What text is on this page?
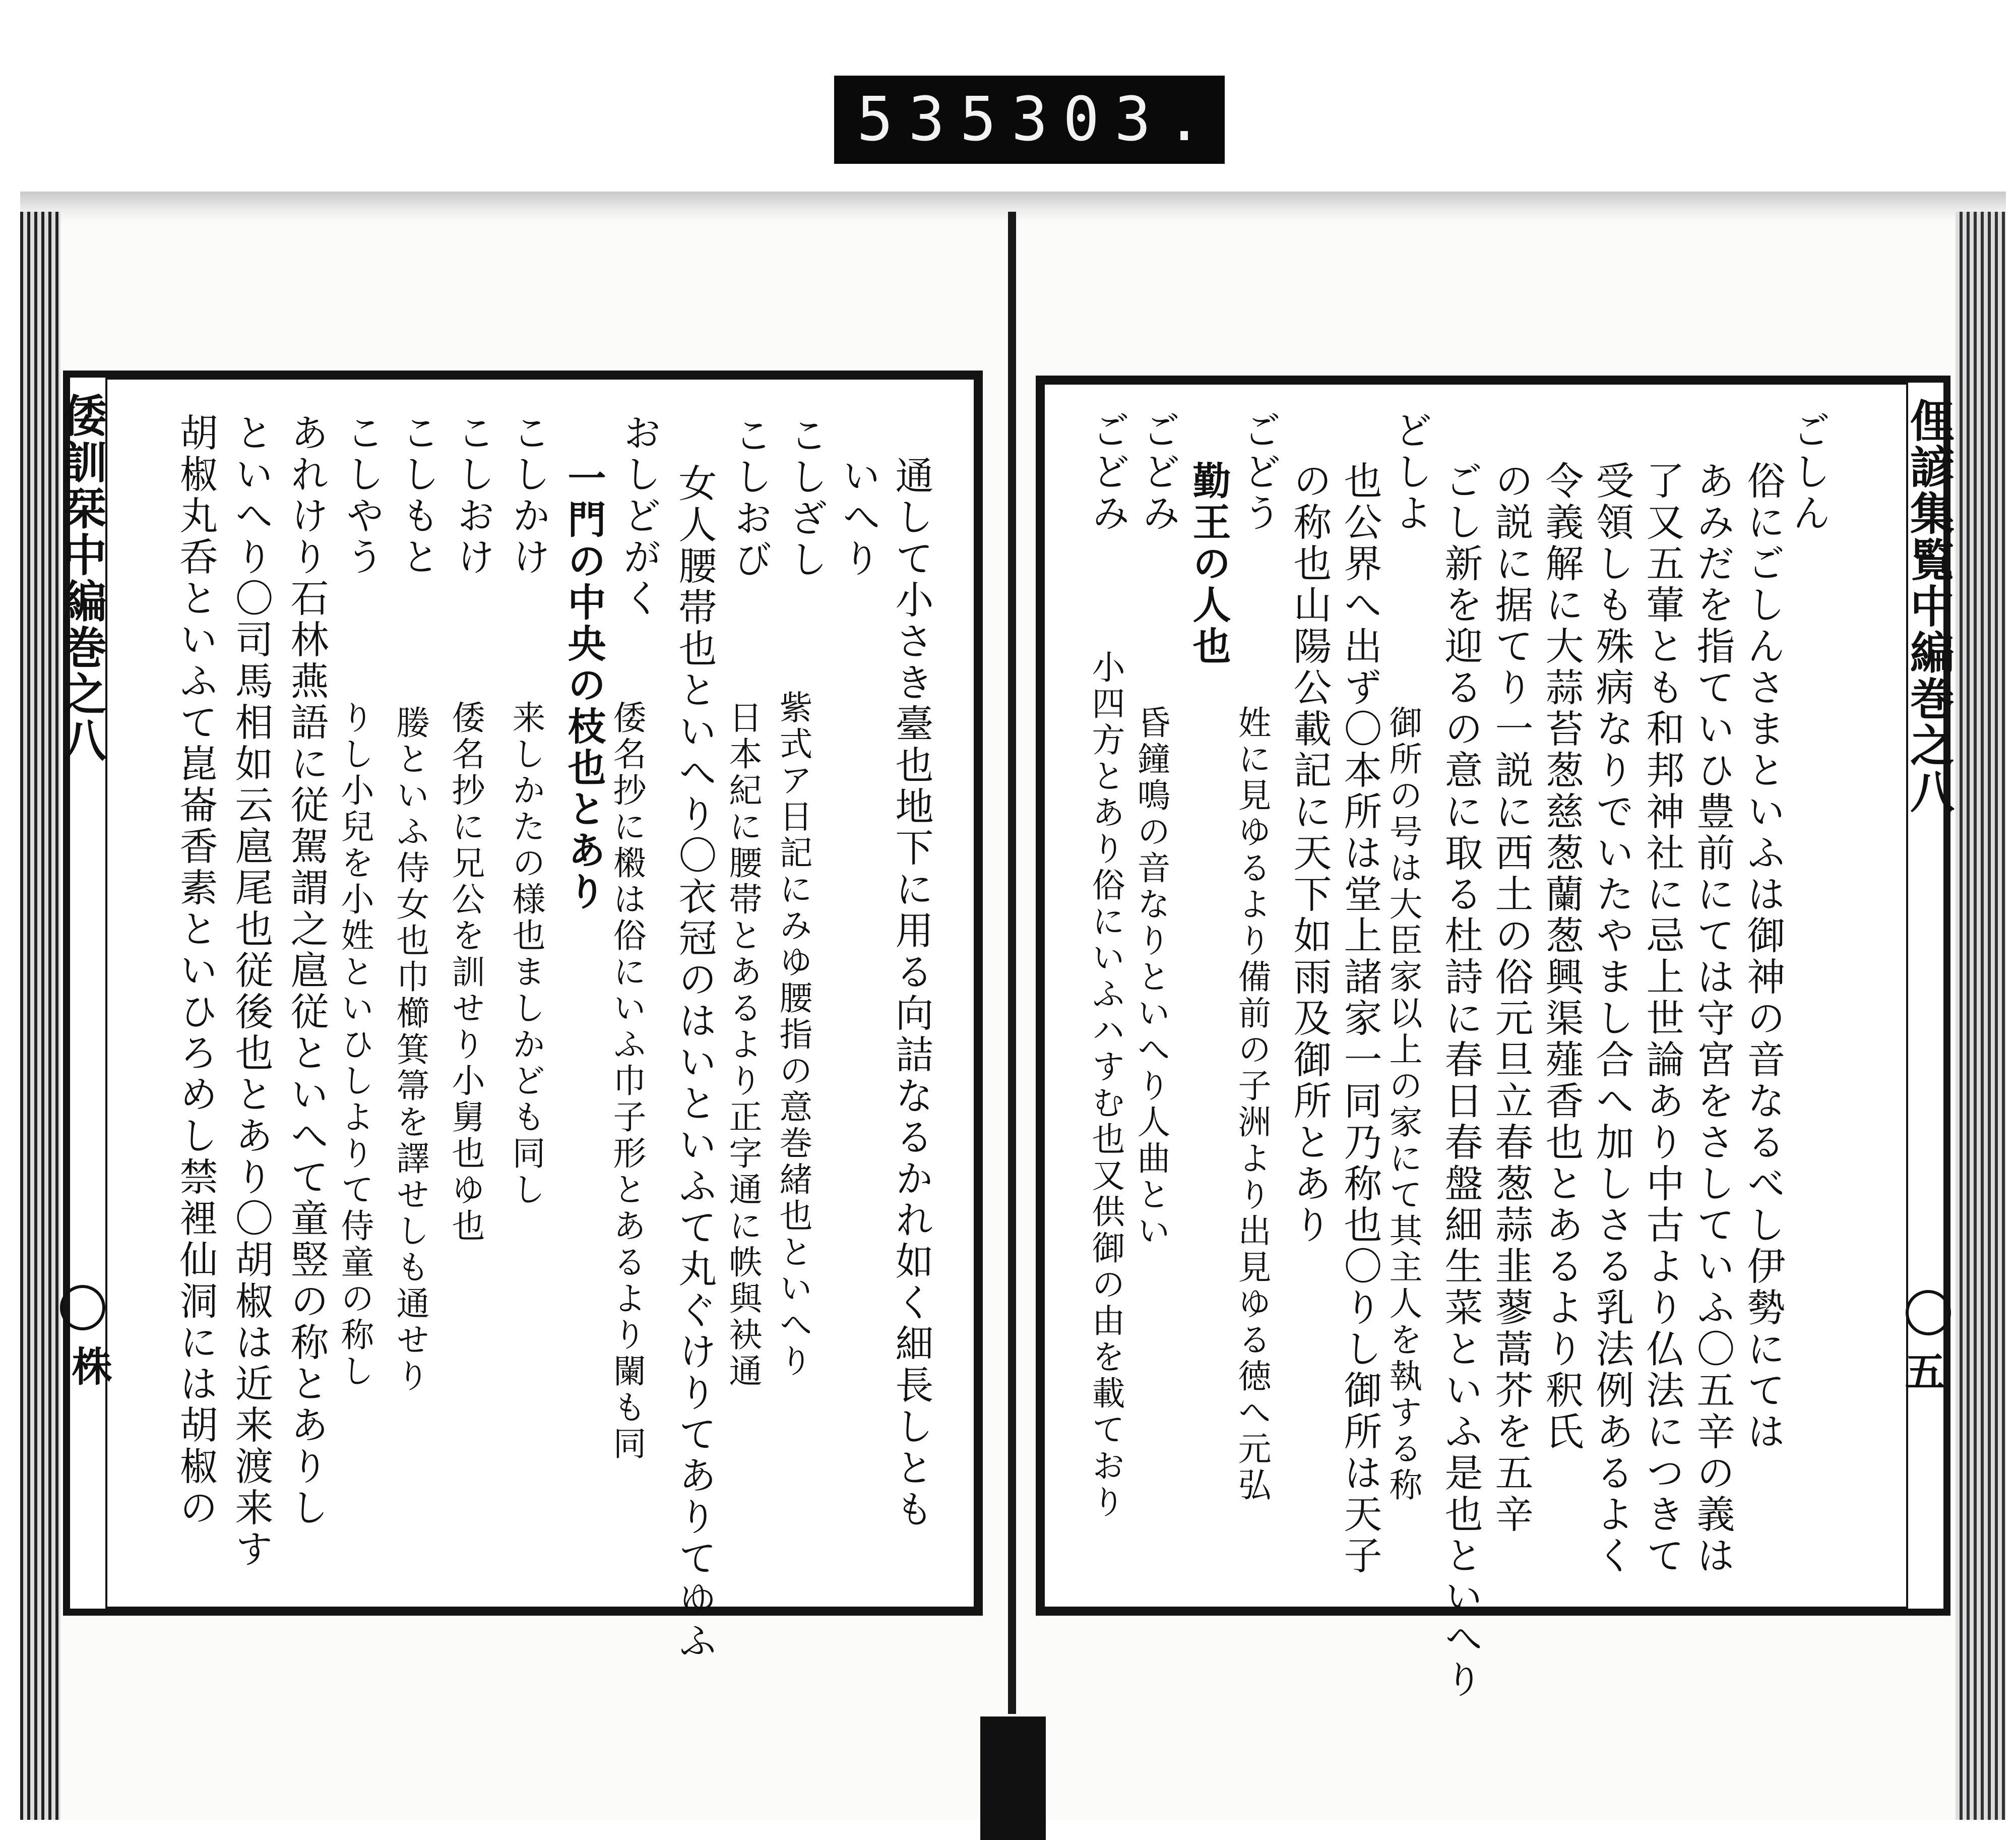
535 303.
通して小さき臺也地下に用る向詰なるかれ如く細長しとも
いへり
こしざし
紫式ア日記にみゆ腰指の意巻緒也といへり
こしおび
日本紀に腰帯とあるより正字通に帙與袂通
女人腰帯也といへり〇衣冠のはいといふて丸ぐけりてありてゆふ
おしどがく
倭名抄に樧は俗にいふ巾子形とあるより闌も同
一門の中央の枝也とあり
こしかけ
来しかたの様也ましかども同し
こしおけ
倭名抄に兄公を訓せり小舅也ゆ也
こしもと
媵といふ侍女也巾櫛箕箒を譯せしも通せり
こしやう
りし小兒を小姓といひしよりて侍童の称し
あれけり石林燕語に従駕謂之扈従といへて童竪の称とありし
といへり〇司馬相如云扈尾也従後也とあり〇胡椒は近来渡来す
胡椒丸呑といふて崑崙香素といひろめし禁裡仙洞には胡椒の
倭訓栞中編巻之八
株
ごしん
俗にごしんさまといふは御神の音なるべし伊勢にては
あみだを指ていひ豊前にては守宮をさしていふ〇五辛の義は
了又五葷とも和邦神社に忌上世論あり中古より仏法につきて
受領しも殊病なりでいたやまし合へ加しさる乳法例あるよく
令義解に大蒜苔葱慈葱蘭葱興渠薤香也とあるより釈氏
の説に据てり一説に西土の俗元旦立春葱蒜韭蓼蒿芥を五辛
ごし新を迎るの意に取る杜詩に春日春盤細生菜といふ是也といへり
どしよ
御所の号は大臣家以上の家にて其主人を執する称
也公界へ出ず〇本所は堂上諸家一同乃称也〇りし御所は天子
の称也山陽公載記に天下如雨及御所とあり
ごどう
姓に見ゆるより備前の子洲より出見ゆる徳へ元弘
勤王の人也
ごどみ
昏鐘鳴の音なりといへり人曲とい
ごどみ
小四方とあり俗にいふハすむ也又供御の由を載ており
俚諺集覧中編巻之八
五
